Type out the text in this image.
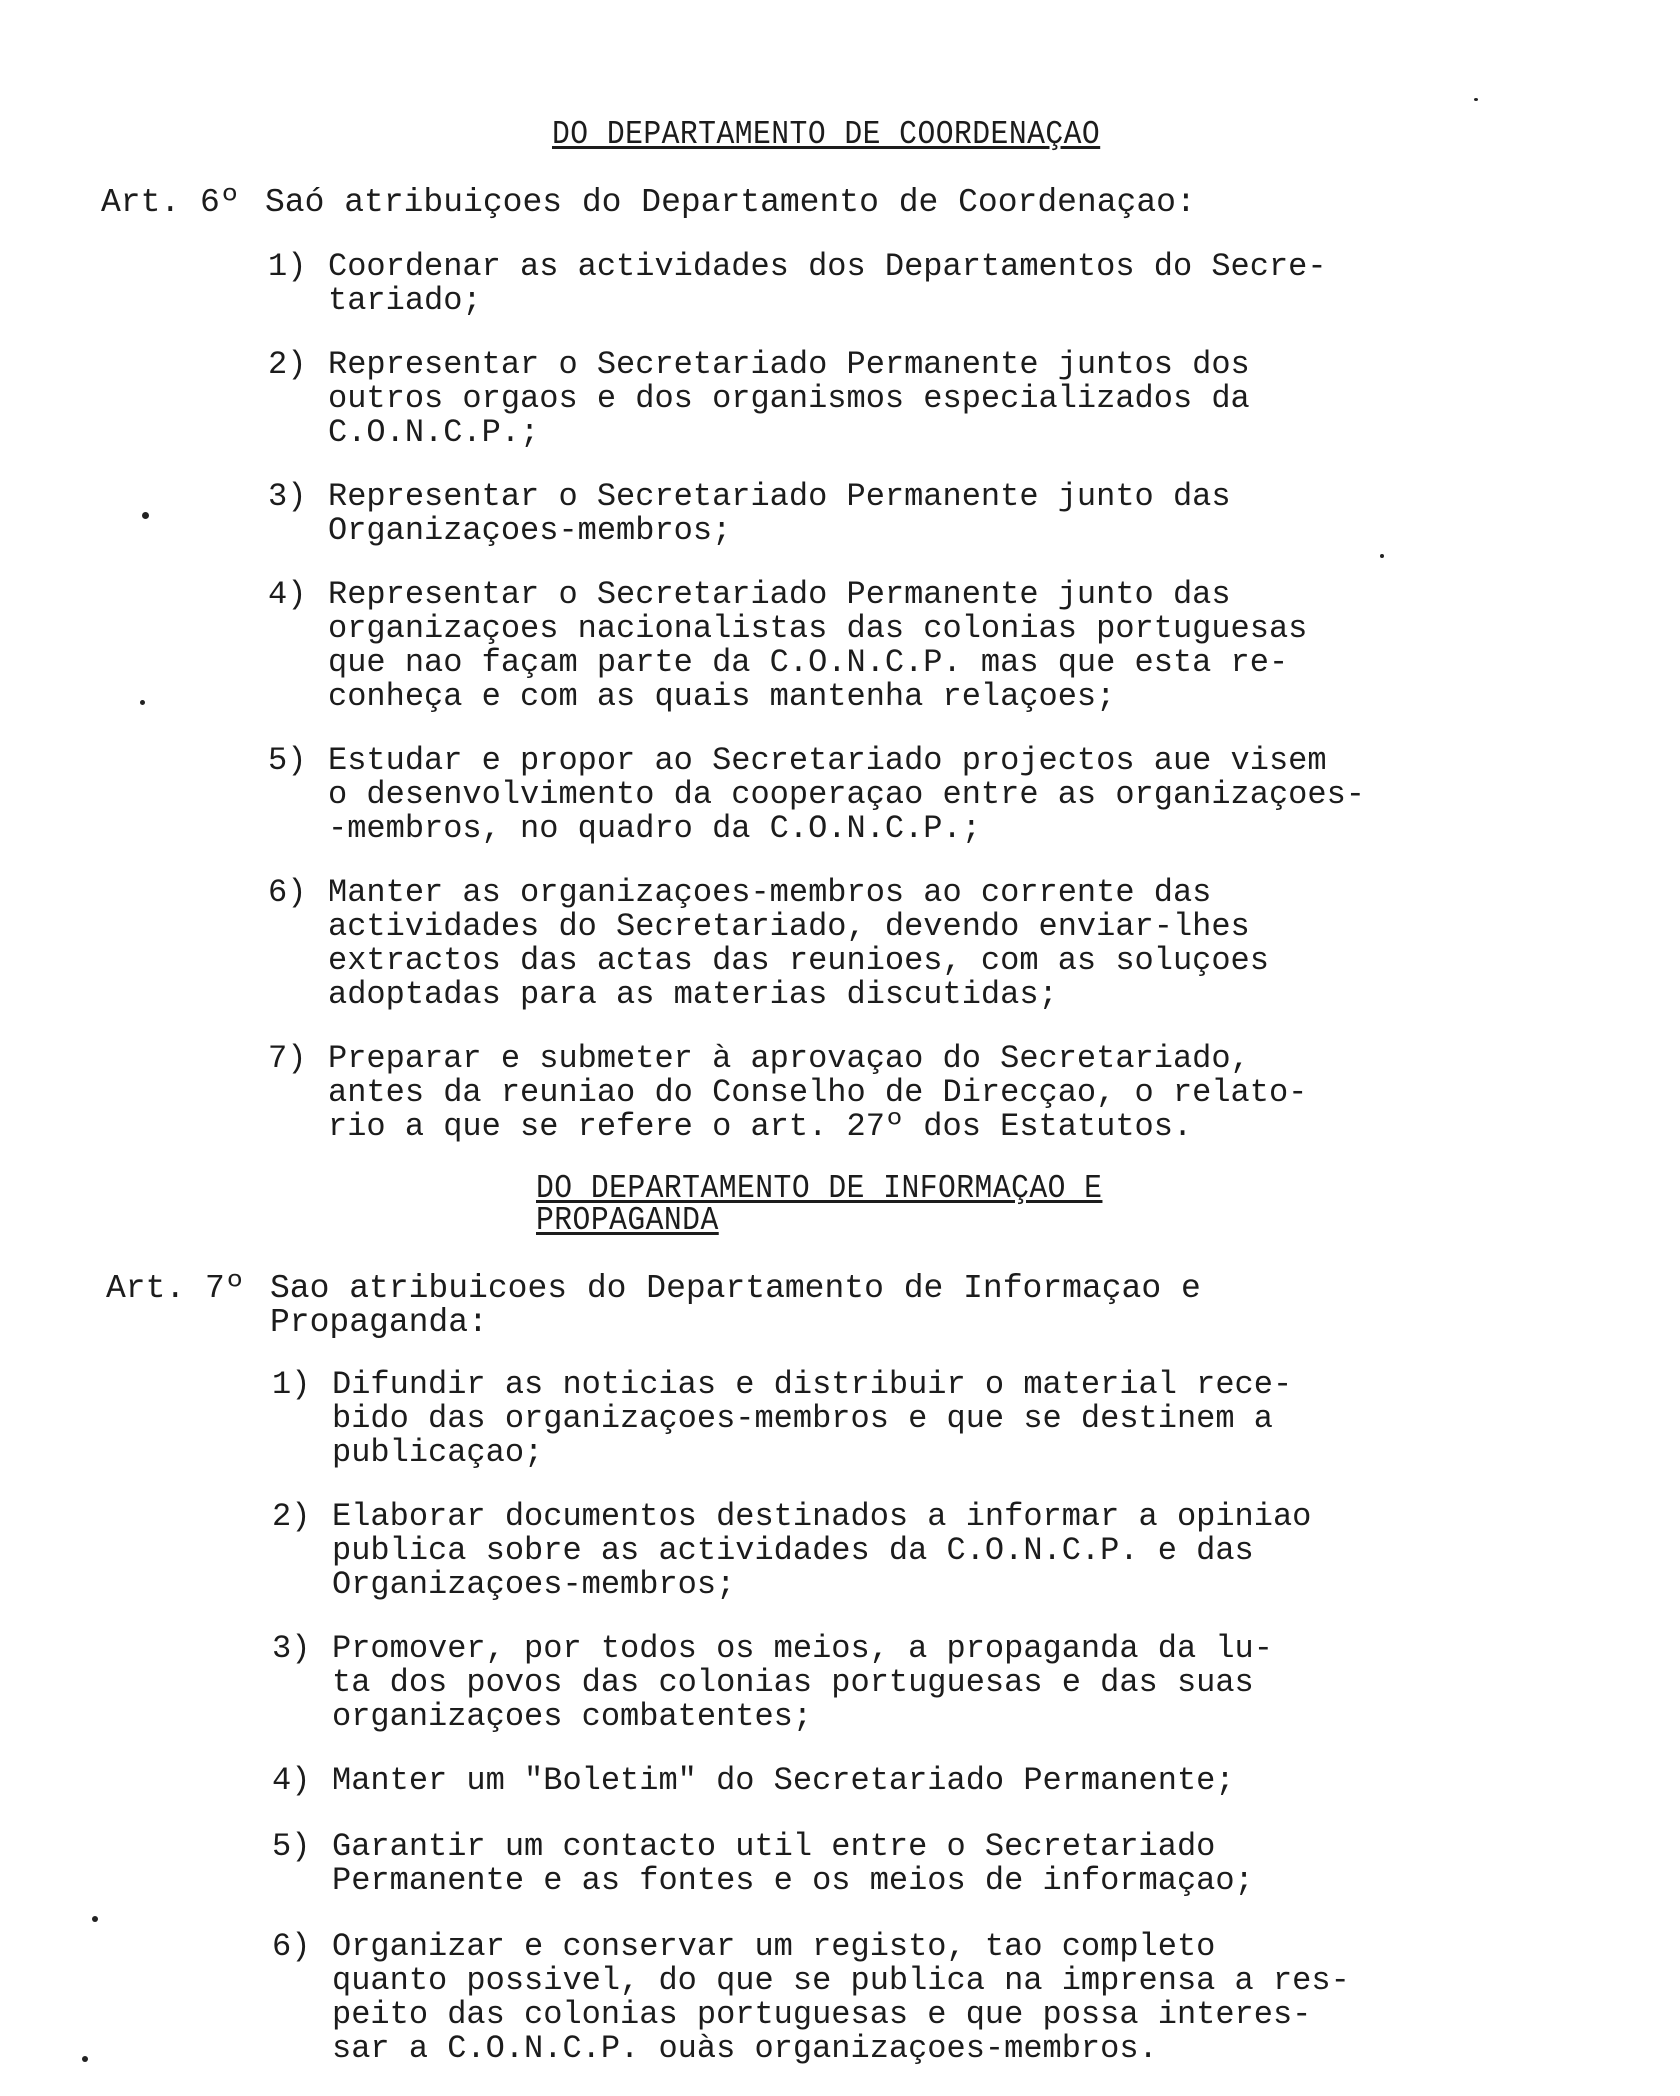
DO DEPARTAMENTO DE COORDENAÇAO
Art. 6º Saó atribuiçoes do Departamento de Coordenaçao:
1) Coordenar as actividades dos Departamentos do Secre-
tariado;
2) Representar o Secretariado Permanente juntos dos
outros orgaos e dos organismos especializados da
C.O.N.C.P.;
3) Representar o Secretariado Permanente junto das
Organizaçoes-membros;
4) Representar o Secretariado Permanente junto das
organizaçoes nacionalistas das colonias portuguesas
que nao façam parte da C.O.N.C.P. mas que esta re-
conheça e com as quais mantenha relaçoes;
5) Estudar e propor ao Secretariado projectos aue visem
o desenvolvimento da cooperaçao entre as organizaçoes-
-membros, no quadro da C.O.N.C.P.;
6) Manter as organizaçoes-membros ao corrente das
actividades do Secretariado, devendo enviar-lhes
extractos das actas das reunioes, com as soluçoes
adoptadas para as materias discutidas;
7) Preparar e submeter à aprovaçao do Secretariado,
antes da reuniao do Conselho de Direcçao, o relato-
rio a que se refere o art. 27º dos Estatutos.
DO DEPARTAMENTO DE INFORMAÇAO E
PROPAGANDA
Art. 7º Sao atribuicoes do Departamento de Informaçao e
Propaganda:
1) Difundir as noticias e distribuir o material rece-
bido das organizaçoes-membros e que se destinem a
publicaçao;
2) Elaborar documentos destinados a informar a opiniao
publica sobre as actividades da C.O.N.C.P. e das
Organizaçoes-membros;
3) Promover, por todos os meios, a propaganda da lu-
ta dos povos das colonias portuguesas e das suas
organizaçoes combatentes;
4) Manter um "Boletim" do Secretariado Permanente;
5) Garantir um contacto util entre o Secretariado
Permanente e as fontes e os meios de informaçao;
6) Organizar e conservar um registo, tao completo
quanto possivel, do que se publica na imprensa a res-
peito das colonias portuguesas e que possa interes-
sar a C.O.N.C.P. ouàs organizaçoes-membros.
